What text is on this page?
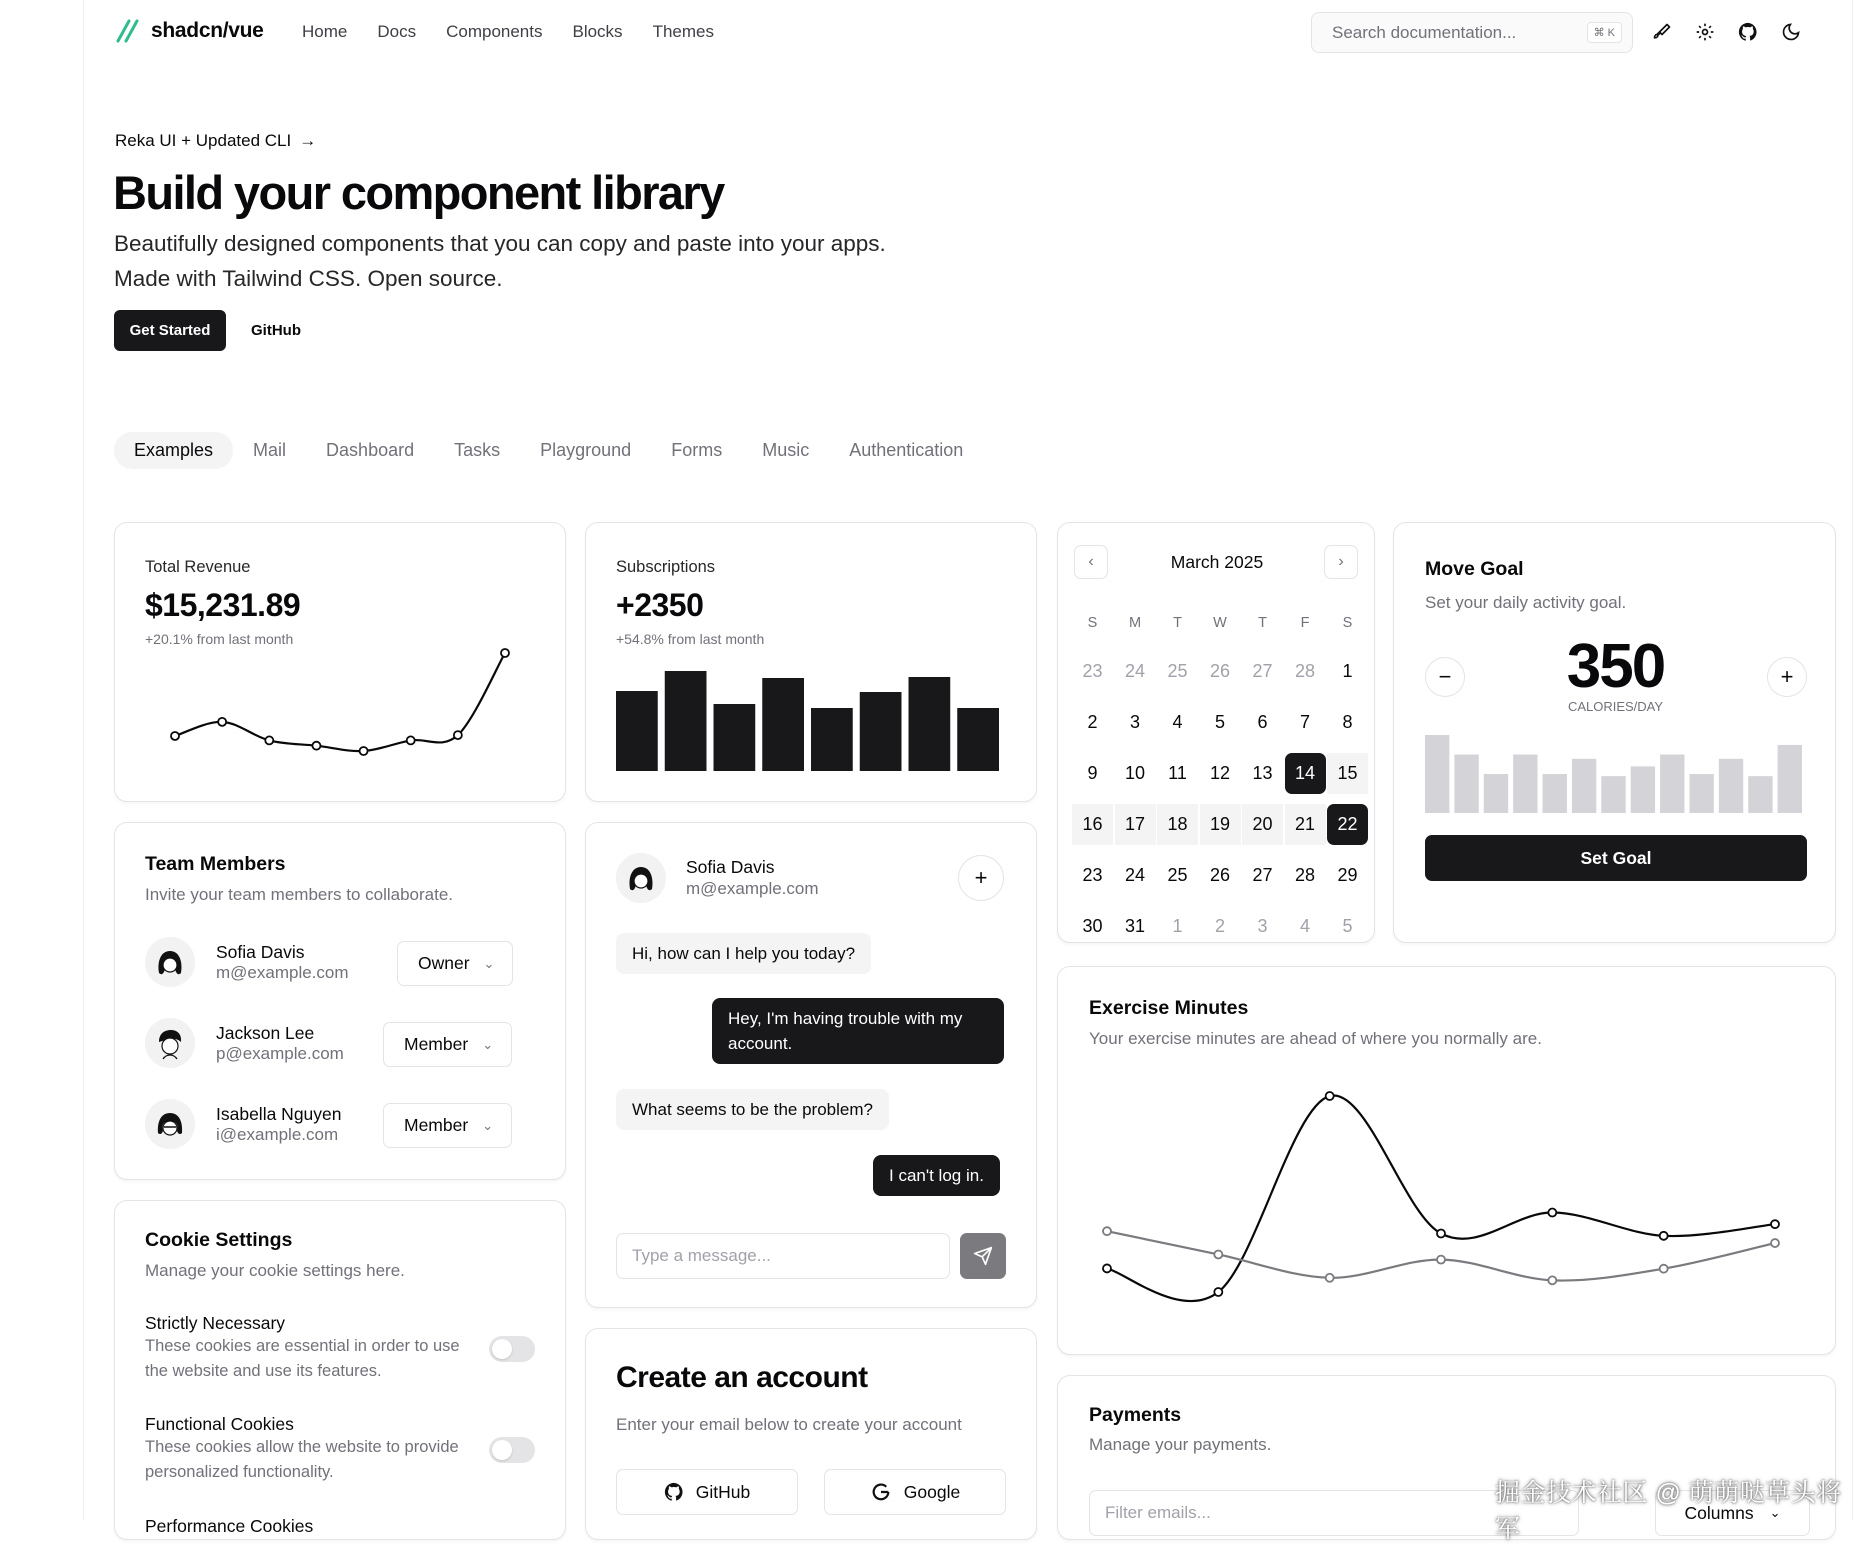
shadcn/vue Home Docs Components Blocks Themes	Search documentation...	⌘ K
Reka UI + Updated CLI →
Build your component library
Beautifully designed components that you can copy and paste into your apps.
Made with Tailwind CSS. Open source.
Get Started	GitHub
Examples	Mail	Dashboard	Tasks	Playground	Forms	Music	Authentication
Total Revenue
$15,231.89
+20.1% from last month
Subscriptions
+2350
+54.8% from last month
‹	March 2025	›
S	M	T	W	T	F	S
23	24	25	26	27	28	1
2	3	4	5	6	7	8
9	10	11	12	13	14	15
16	17	18	19	20	21	22
23	24	25	26	27	28	29
30	31	1	2	3	4	5
Move Goal
Set your daily activity goal.
−	350
CALORIES/DAY
+
Set Goal
Team Members
Invite your team members to collaborate.
Sofia Davis
m@example.com	Owner ⌄
Jackson Lee
p@example.com	Member ⌄
Isabella Nguyen
i@example.com	Member ⌄
Sofia Davis
m@example.com	+
Hi, how can I help you today?
Hey, I'm having trouble with my account.
What seems to be the problem?
I can't log in.
Type a message...
Exercise Minutes
Your exercise minutes are ahead of where you normally are.
Cookie Settings
Manage your cookie settings here.
Strictly Necessary
These cookies are essential in order to use the website and use its features.
Functional Cookies
These cookies allow the website to provide personalized functionality.
Performance Cookies
Create an account
Enter your email below to create your account
GitHub	Google
Payments
Manage your payments.
Filter emails...	Columns ⌄
掘金技术社区 @ 萌萌哒草头将军
